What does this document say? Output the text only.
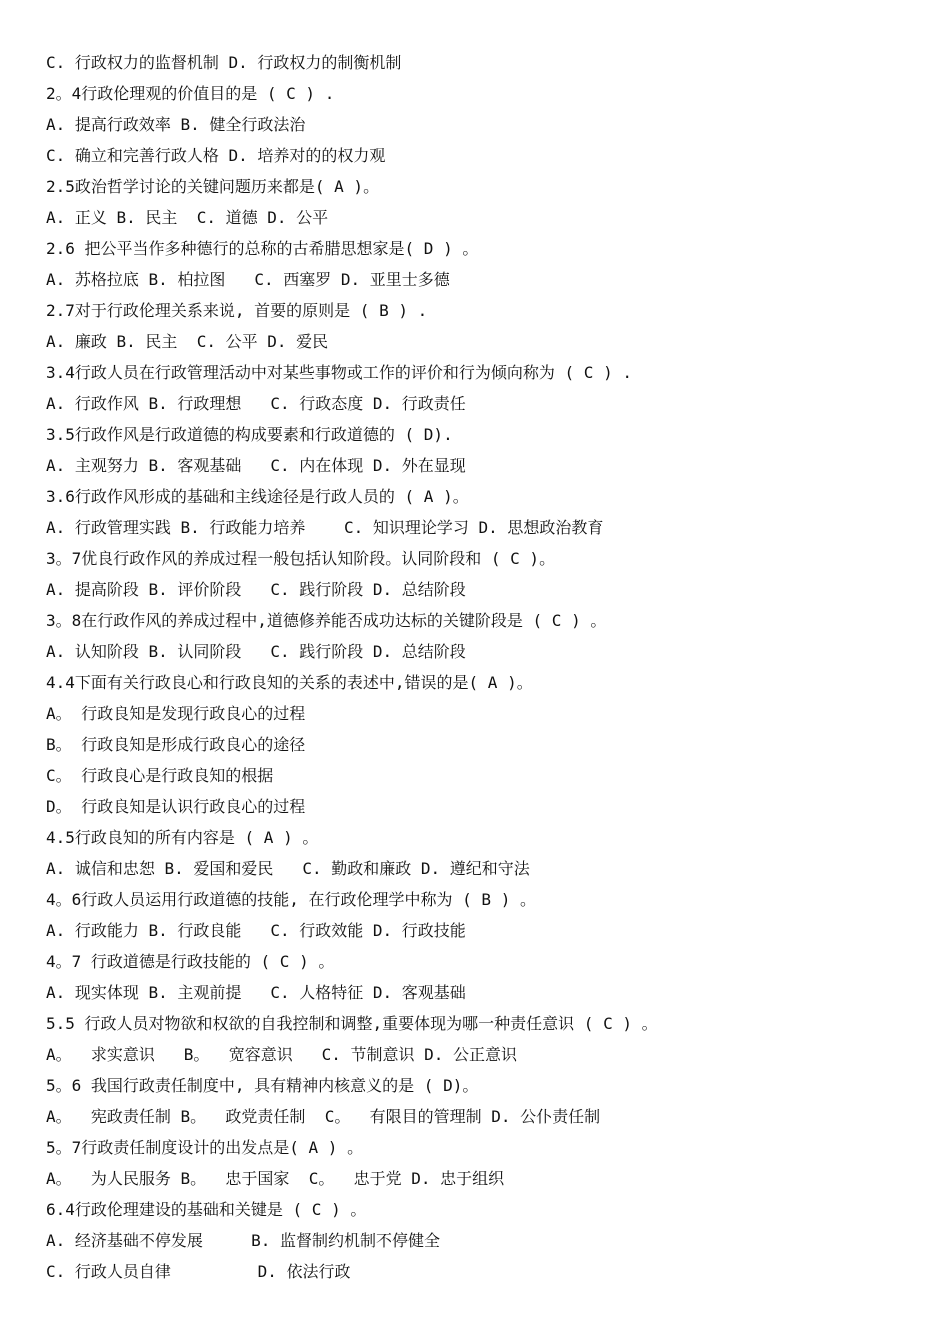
C. 行政权力的监督机制 D. 行政权力的制衡机制
2。4行政伦理观的价值目的是 ( C ) .
A. 提高行政效率 B. 健全行政法治
C. 确立和完善行政人格 D. 培养对的的权力观
2.5政治哲学讨论的关键问题历来都是( A )。
A. 正义 B. 民主  C. 道德 D. 公平
2.6 把公平当作多种德行的总称的古希腊思想家是( D ) 。
A. 苏格拉底 B. 柏拉图   C. 西塞罗 D. 亚里士多德
2.7对于行政伦理关系来说, 首要的原则是 ( B ) .
A. 廉政 B. 民主  C. 公平 D. 爱民
3.4行政人员在行政管理活动中对某些事物或工作的评价和行为倾向称为 ( C ) .
A. 行政作风 B. 行政理想   C. 行政态度 D. 行政责任
3.5行政作风是行政道德的构成要素和行政道德的 ( D).
A. 主观努力 B. 客观基础   C. 内在体现 D. 外在显现
3.6行政作风形成的基础和主线途径是行政人员的 ( A )。
A. 行政管理实践 B. 行政能力培养    C. 知识理论学习 D. 思想政治教育
3。7优良行政作风的养成过程一般包括认知阶段。认同阶段和 ( C )。
A. 提高阶段 B. 评价阶段   C. 践行阶段 D. 总结阶段
3。8在行政作风的养成过程中,道德修养能否成功达标的关键阶段是 ( C ) 。
A. 认知阶段 B. 认同阶段   C. 践行阶段 D. 总结阶段
4.4下面有关行政良心和行政良知的关系的表述中,错误的是( A )。
A。 行政良知是发现行政良心的过程
B。 行政良知是形成行政良心的途径
C。 行政良心是行政良知的根据
D。 行政良知是认识行政良心的过程
4.5行政良知的所有内容是 ( A ) 。
A. 诚信和忠恕 B. 爱国和爱民   C. 勤政和廉政 D. 遵纪和守法
4。6行政人员运用行政道德的技能, 在行政伦理学中称为 ( B ) 。
A. 行政能力 B. 行政良能   C. 行政效能 D. 行政技能
4。7 行政道德是行政技能的 ( C ) 。
A. 现实体现 B. 主观前提   C. 人格特征 D. 客观基础
5.5 行政人员对物欲和权欲的自我控制和调整,重要体现为哪一种责任意识 ( C ) 。
A。  求实意识   B。  宽容意识   C. 节制意识 D. 公正意识
5。6 我国行政责任制度中, 具有精神内核意义的是 ( D)。
A。  宪政责任制 B。  政党责任制  C。  有限目的管理制 D. 公仆责任制
5。7行政责任制度设计的出发点是( A ) 。
A。  为人民服务 B。  忠于国家  C。  忠于党 D. 忠于组织
6.4行政伦理建设的基础和关键是 ( C ) 。
A. 经济基础不停发展     B. 监督制约机制不停健全
C. 行政人员自律         D. 依法行政
